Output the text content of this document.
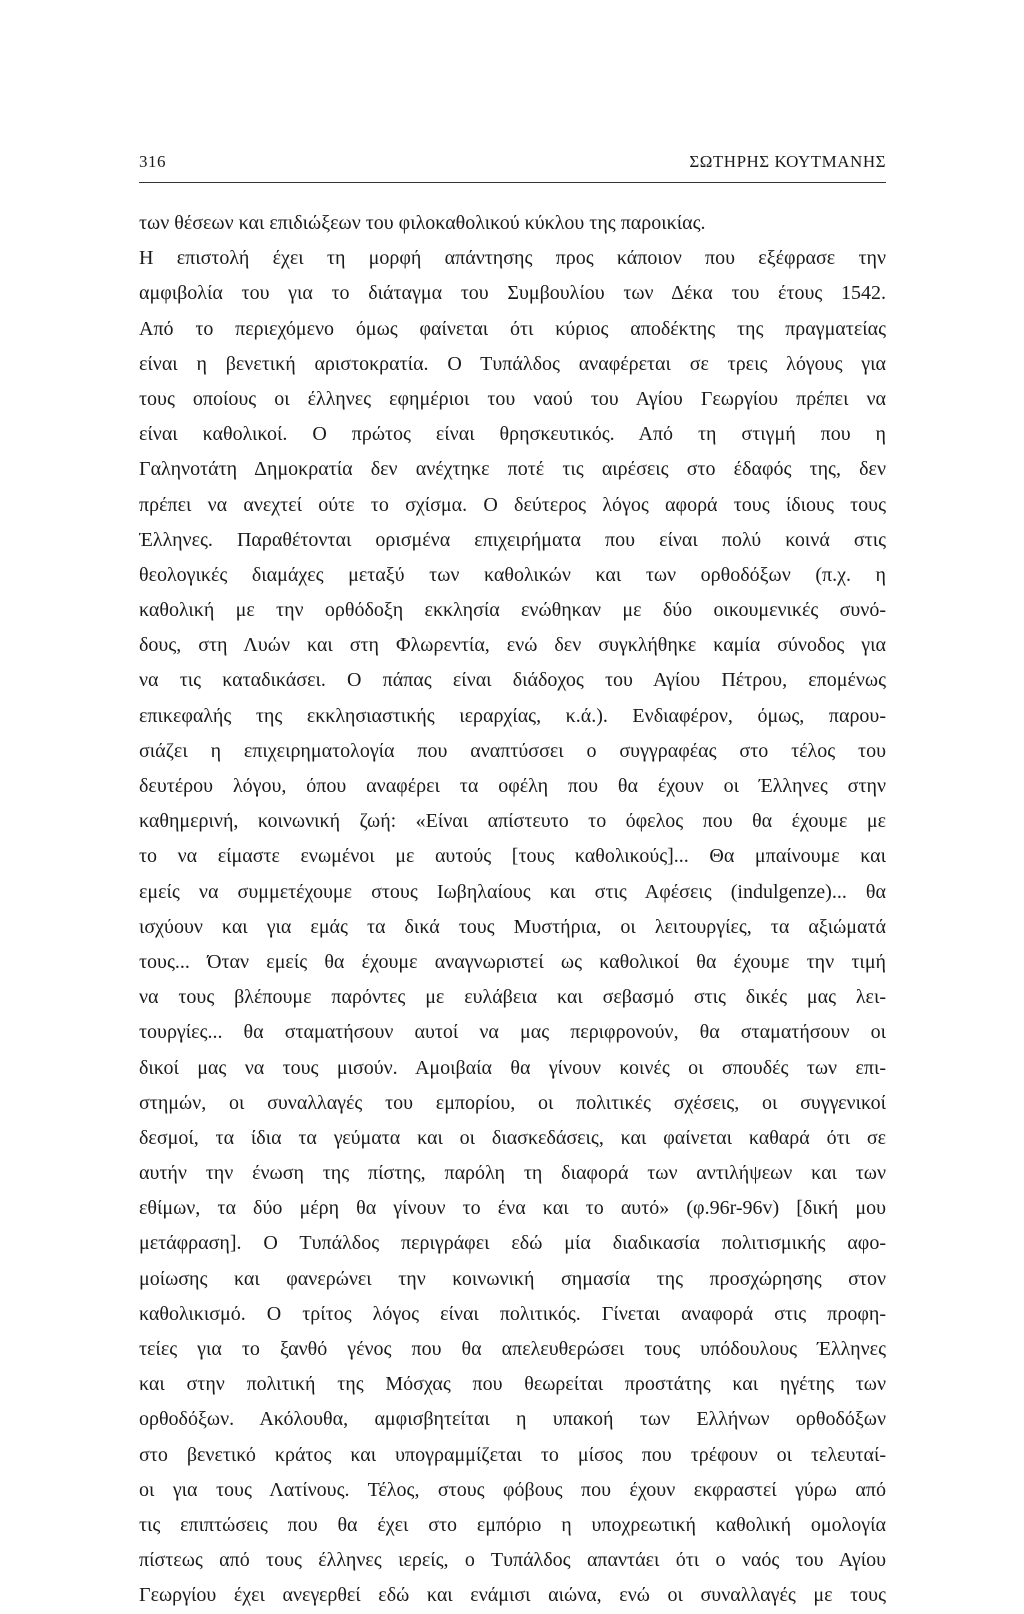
316	ΣΩΤΗΡΗΣ ΚΟΥΤΜΑΝΗΣ
των θέσεων και επιδιώξεων του φιλοκαθολικού κύκλου της παροικίας.
Η επιστολή έχει τη μορφή απάντησης προς κάποιον που εξέφρασε την
αμφιβολία του για το διάταγμα του Συμβουλίου των Δέκα του έτους 1542.
Από το περιεχόμενο όμως φαίνεται ότι κύριος αποδέκτης της πραγματείας
είναι η βενετική αριστοκρατία. Ο Τυπάλδος αναφέρεται σε τρεις λόγους για
τους οποίους οι έλληνες εφημέριοι του ναού του Αγίου Γεωργίου πρέπει να
είναι καθολικοί. Ο πρώτος είναι θρησκευτικός. Από τη στιγμή που η
Γαληνοτάτη Δημοκρατία δεν ανέχτηκε ποτέ τις αιρέσεις στο έδαφός της, δεν
πρέπει να ανεχτεί ούτε το σχίσμα. Ο δεύτερος λόγος αφορά τους ίδιους τους
Έλληνες. Παραθέτονται ορισμένα επιχειρήματα που είναι πολύ κοινά στις
θεολογικές διαμάχες μεταξύ των καθολικών και των ορθοδόξων (π.χ. η
καθολική με την ορθόδοξη εκκλησία ενώθηκαν με δύο οικουμενικές συνό-
δους, στη Λυών και στη Φλωρεντία, ενώ δεν συγκλήθηκε καμία σύνοδος για
να τις καταδικάσει. Ο πάπας είναι διάδοχος του Αγίου Πέτρου, επομένως
επικεφαλής της εκκλησιαστικής ιεραρχίας, κ.ά.). Ενδιαφέρον, όμως, παρου-
σιάζει η επιχειρηματολογία που αναπτύσσει ο συγγραφέας στο τέλος του
δευτέρου λόγου, όπου αναφέρει τα οφέλη που θα έχουν οι Έλληνες στην
καθημερινή, κοινωνική ζωή: «Είναι απίστευτο το όφελος που θα έχουμε με
το να είμαστε ενωμένοι με αυτούς [τους καθολικούς]... Θα μπαίνουμε και
εμείς να συμμετέχουμε στους Ιωβηλαίους και στις Αφέσεις (indulgenze)... θα
ισχύουν και για εμάς τα δικά τους Μυστήρια, οι λειτουργίες, τα αξιώματά
τους... Όταν εμείς θα έχουμε αναγνωριστεί ως καθολικοί θα έχουμε την τιμή
να τους βλέπουμε παρόντες με ευλάβεια και σεβασμό στις δικές μας λει-
τουργίες... θα σταματήσουν αυτοί να μας περιφρονούν, θα σταματήσουν οι
δικοί μας να τους μισούν. Αμοιβαία θα γίνουν κοινές οι σπουδές των επι-
στημών, οι συναλλαγές του εμπορίου, οι πολιτικές σχέσεις, οι συγγενικοί
δεσμοί, τα ίδια τα γεύματα και οι διασκεδάσεις, και φαίνεται καθαρά ότι σε
αυτήν την ένωση της πίστης, παρόλη τη διαφορά των αντιλήψεων και των
εθίμων, τα δύο μέρη θα γίνουν το ένα και το αυτό» (φ.96r-96v) [δική μου
μετάφραση]. Ο Τυπάλδος περιγράφει εδώ μία διαδικασία πολιτισμικής αφο-
μοίωσης και φανερώνει την κοινωνική σημασία της προσχώρησης στον
καθολικισμό. Ο τρίτος λόγος είναι πολιτικός. Γίνεται αναφορά στις προφη-
τείες για το ξανθό γένος που θα απελευθερώσει τους υπόδουλους Έλληνες
και στην πολιτική της Μόσχας που θεωρείται προστάτης και ηγέτης των
ορθοδόξων. Ακόλουθα, αμφισβητείται η υπακοή των Ελλήνων ορθοδόξων
στο βενετικό κράτος και υπογραμμίζεται το μίσος που τρέφουν οι τελευταί-
οι για τους Λατίνους. Τέλος, στους φόβους που έχουν εκφραστεί γύρω από
τις επιπτώσεις που θα έχει στο εμπόριο η υποχρεωτική καθολική ομολογία
πίστεως από τους έλληνες ιερείς, ο Τυπάλδος απαντάει ότι ο ναός του Αγίου
Γεωργίου έχει ανεγερθεί εδώ και ενάμισι αιώνα, ενώ οι συναλλαγές με τους
